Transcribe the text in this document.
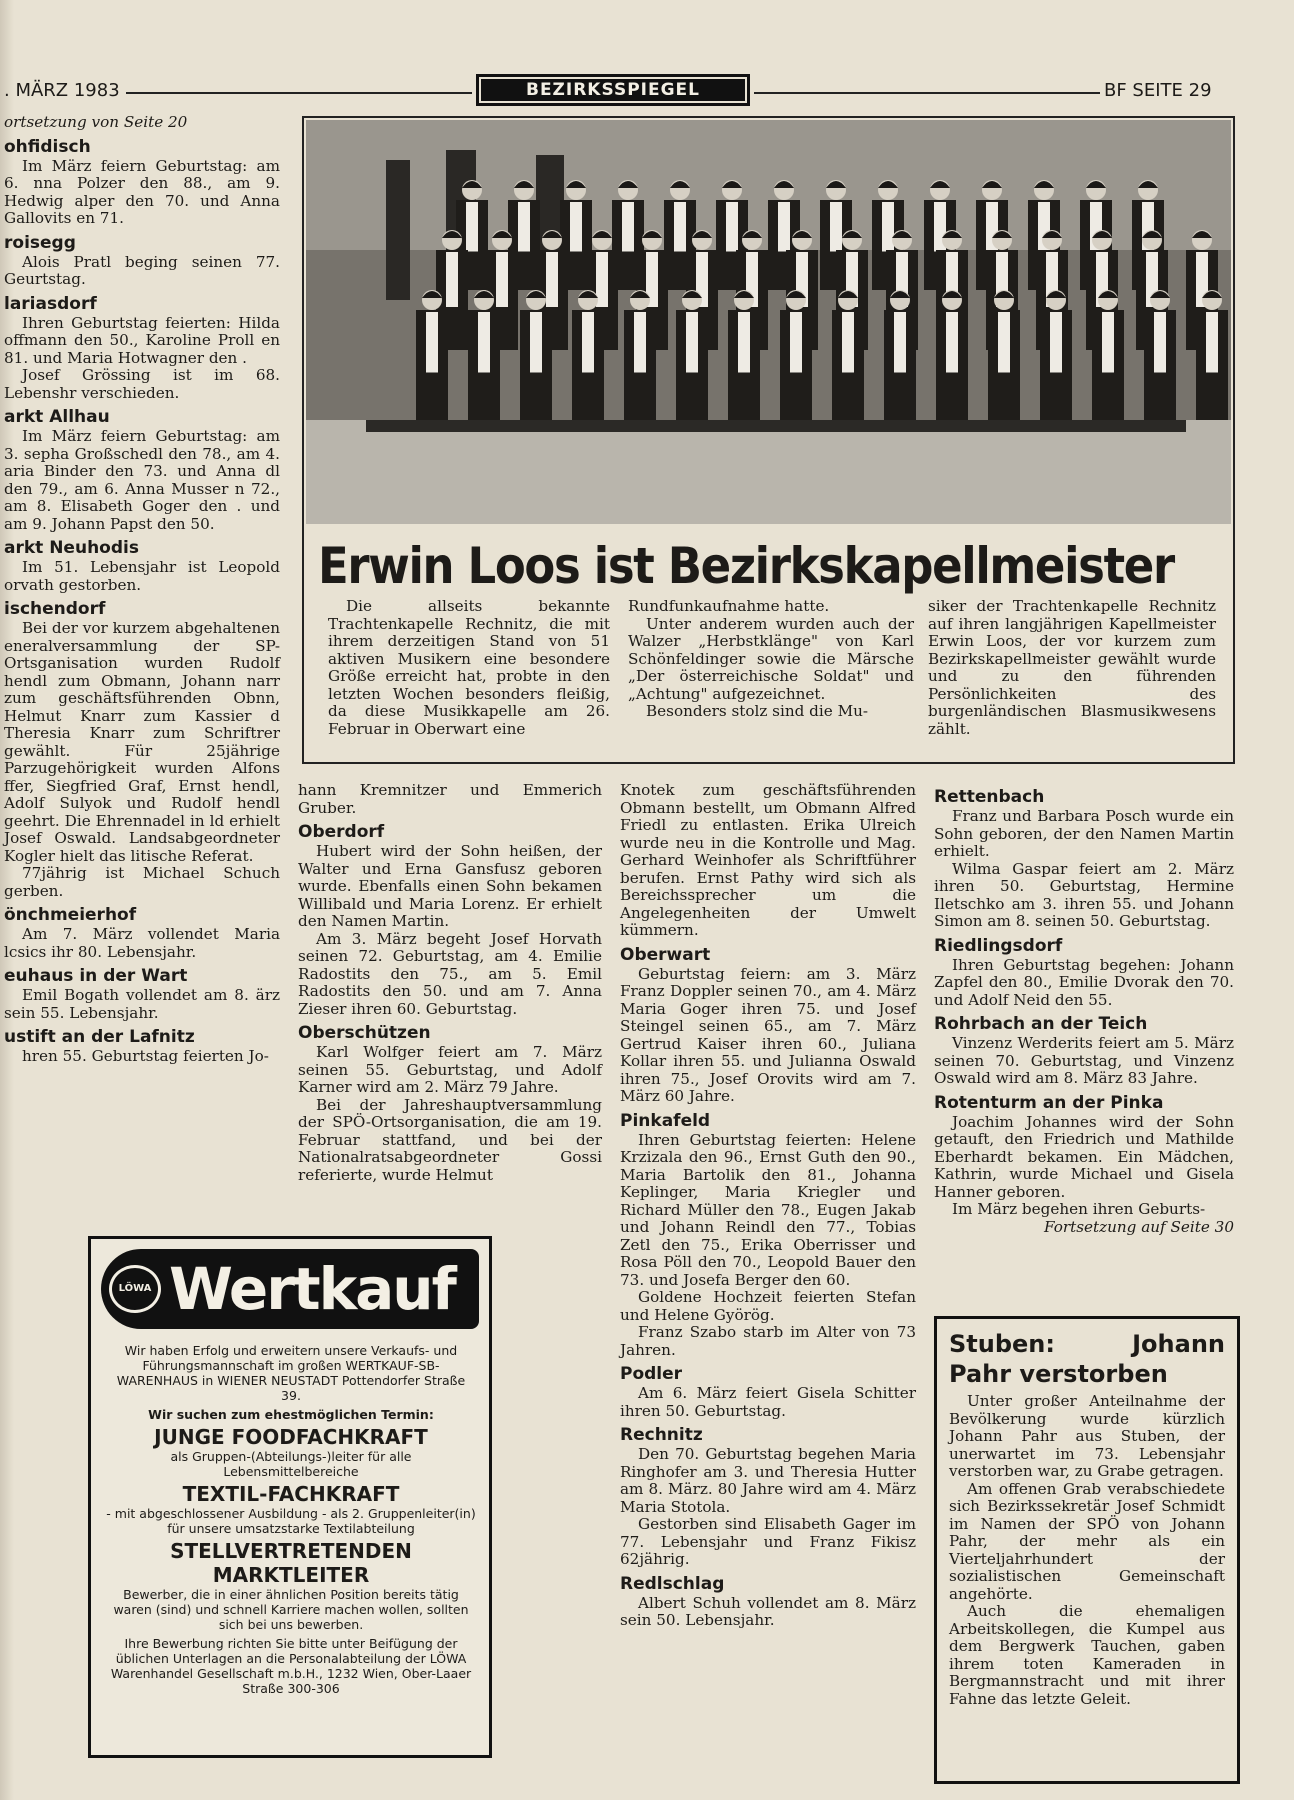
. MÄRZ 1983	BEZIRKSSPIEGEL	BF SEITE 29

ortsetzung von Seite 20

ohfidisch

Im März feiern Geburtstag: am 6. nna Polzer den 88., am 9. Hedwig alper den 70. und Anna Gallovits en 71.

roisegg

Alois Pratl beging seinen 77. Geurtstag.

lariasdorf

Ihren Geburtstag feierten: Hilda offmann den 50., Karoline Proll en 81. und Maria Hotwagner den .

Josef Grössing ist im 68. Lebenshr verschieden.

arkt Allhau

Im März feiern Geburtstag: am 3. sepha Großschedl den 78., am 4. aria Binder den 73. und Anna dl den 79., am 6. Anna Musser n 72., am 8. Elisabeth Goger den . und am 9. Johann Papst den 50.

arkt Neuhodis

Im 51. Lebensjahr ist Leopold orvath gestorben.

ischendorf

Bei der vor kurzem abgehaltenen eneralversammlung der SP-Ortsganisation wurden Rudolf hendl zum Obmann, Johann narr zum geschäftsführenden Obnn, Helmut Knarr zum Kassier d Theresia Knarr zum Schriftrer gewählt. Für 25jährige Parzugehörigkeit wurden Alfons ffer, Siegfried Graf, Ernst hendl, Adolf Sulyok und Rudolf hendl geehrt. Die Ehrennadel in ld erhielt Josef Oswald. Landsabgeordneter Kogler hielt das litische Referat.

77jährig ist Michael Schuch gerben.

önchmeierhof

Am 7. März vollendet Maria lcsics ihr 80. Lebensjahr.

euhaus in der Wart

Emil Bogath vollendet am 8. ärz sein 55. Lebensjahr.

ustift an der Lafnitz

hren 55. Geburtstag feierten Jo-

Erwin Loos ist Bezirkskapellmeister

Die allseits bekannte Trachtenkapelle Rechnitz, die mit ihrem derzeitigen Stand von 51 aktiven Musikern eine besondere Größe erreicht hat, probte in den letzten Wochen besonders fleißig, da diese Musikkapelle am 26. Februar in Oberwart eine

Rundfunkaufnahme hatte.

Unter anderem wurden auch der Walzer „Herbstklänge" von Karl Schönfeldinger sowie die Märsche „Der österreichische Soldat" und „Achtung" aufgezeichnet.

Besonders stolz sind die Mu-

siker der Trachtenkapelle Rechnitz auf ihren langjährigen Kapellmeister Erwin Loos, der vor kurzem zum Bezirkskapellmeister gewählt wurde und zu den führenden Persönlichkeiten des burgenländischen Blasmusikwesens zählt.

hann Kremnitzer und Emmerich Gruber.

Oberdorf

Hubert wird der Sohn heißen, der Walter und Erna Gansfusz geboren wurde. Ebenfalls einen Sohn bekamen Willibald und Maria Lorenz. Er erhielt den Namen Martin.

Am 3. März begeht Josef Horvath seinen 72. Geburtstag, am 4. Emilie Radostits den 75., am 5. Emil Radostits den 50. und am 7. Anna Zieser ihren 60. Geburtstag.

Oberschützen

Karl Wolfger feiert am 7. März seinen 55. Geburtstag, und Adolf Karner wird am 2. März 79 Jahre.

Bei der Jahreshauptversammlung der SPÖ-Ortsorganisation, die am 19. Februar stattfand, und bei der Nationalratsabgeordneter Gossi referierte, wurde Helmut

Knotek zum geschäftsführenden Obmann bestellt, um Obmann Alfred Friedl zu entlasten. Erika Ulreich wurde neu in die Kontrolle und Mag. Gerhard Weinhofer als Schriftführer berufen. Ernst Pathy wird sich als Bereichssprecher um die Angelegenheiten der Umwelt kümmern.

Oberwart

Geburtstag feiern: am 3. März Franz Doppler seinen 70., am 4. März Maria Goger ihren 75. und Josef Steingel seinen 65., am 7. März Gertrud Kaiser ihren 60., Juliana Kollar ihren 55. und Julianna Oswald ihren 75., Josef Orovits wird am 7. März 60 Jahre.

Pinkafeld

Ihren Geburtstag feierten: Helene Krzizala den 96., Ernst Guth den 90., Maria Bartolik den 81., Johanna Keplinger, Maria Kriegler und Richard Müller den 78., Eugen Jakab und Johann Reindl den 77., Tobias Zetl den 75., Erika Oberrisser und Rosa Pöll den 70., Leopold Bauer den 73. und Josefa Berger den 60.

Goldene Hochzeit feierten Stefan und Helene Györög.

Franz Szabo starb im Alter von 73 Jahren.

Podler

Am 6. März feiert Gisela Schitter ihren 50. Geburtstag.

Rechnitz

Den 70. Geburtstag begehen Maria Ringhofer am 3. und Theresia Hutter am 8. März. 80 Jahre wird am 4. März Maria Stotola.

Gestorben sind Elisabeth Gager im 77. Lebensjahr und Franz Fikisz 62jährig.

Redlschlag

Albert Schuh vollendet am 8. März sein 50. Lebensjahr.

Rettenbach

Franz und Barbara Posch wurde ein Sohn geboren, der den Namen Martin erhielt.

Wilma Gaspar feiert am 2. März ihren 50. Geburtstag, Hermine Iletschko am 3. ihren 55. und Johann Simon am 8. seinen 50. Geburtstag.

Riedlingsdorf

Ihren Geburtstag begehen: Johann Zapfel den 80., Emilie Dvorak den 70. und Adolf Neid den 55.

Rohrbach an der Teich

Vinzenz Werderits feiert am 5. März seinen 70. Geburtstag, und Vinzenz Oswald wird am 8. März 83 Jahre.

Rotenturm an der Pinka

Joachim Johannes wird der Sohn getauft, den Friedrich und Mathilde Eberhardt bekamen. Ein Mädchen, Kathrin, wurde Michael und Gisela Hanner geboren.

Im März begehen ihren Geburts-

Fortsetzung auf Seite 30

Stuben: Johann Pahr verstorben

Unter großer Anteilnahme der Bevölkerung wurde kürzlich Johann Pahr aus Stuben, der unerwartet im 73. Lebensjahr verstorben war, zu Grabe getragen.

Am offenen Grab verabschiedete sich Bezirkssekretär Josef Schmidt im Namen der SPÖ von Johann Pahr, der mehr als ein Vierteljahrhundert der sozialistischen Gemeinschaft angehörte.

Auch die ehemaligen Arbeitskollegen, die Kumpel aus dem Bergwerk Tauchen, gaben ihrem toten Kameraden in Bergmannstracht und mit ihrer Fahne das letzte Geleit.

LÖWA Wertkauf
Wir haben Erfolg und erweitern unsere Verkaufs- und Führungsmannschaft im großen WERTKAUF-SB-WARENHAUS in WIENER NEUSTADT Pottendorfer Straße 39.
Wir suchen zum ehestmöglichen Termin:
JUNGE FOODFACHKRAFT
als Gruppen-(Abteilungs-)leiter für alle Lebensmittelbereiche
TEXTIL-FACHKRAFT
- mit abgeschlossener Ausbildung - als 2. Gruppenleiter(in) für unsere umsatzstarke Textilabteilung
STELLVERTRETENDEN MARKTLEITER
Bewerber, die in einer ähnlichen Position bereits tätig waren (sind) und schnell Karriere machen wollen, sollten sich bei uns bewerben.
Ihre Bewerbung richten Sie bitte unter Beifügung der üblichen Unterlagen an die Personalabteilung der LÖWA Warenhandel Gesellschaft m.b.H., 1232 Wien, Ober-Laaer Straße 300-306
